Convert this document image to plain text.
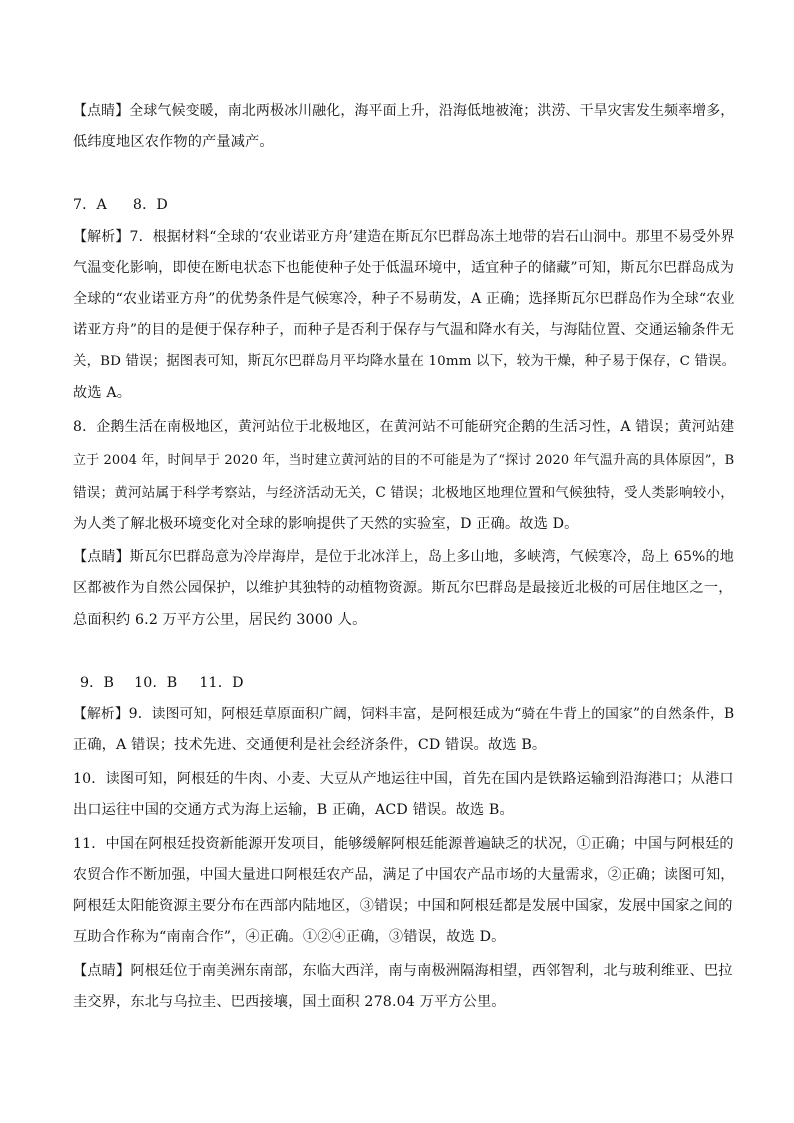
【点睛】全球气候变暖，南北两极冰川融化，海平面上升，沿海低地被淹；洪涝、干旱灾害发生频率增多，
低纬度地区农作物的产量减产。
7．A 8．D
【解析】7．根据材料“全球的‘农业诺亚方舟’建造在斯瓦尔巴群岛冻土地带的岩石山洞中。那里不易受外界
气温变化影响，即使在断电状态下也能使种子处于低温环境中，适宜种子的储藏”可知，斯瓦尔巴群岛成为
全球的“农业诺亚方舟”的优势条件是气候寒冷，种子不易萌发，A 正确；选择斯瓦尔巴群岛作为全球“农业
诺亚方舟”的目的是便于保存种子，而种子是否利于保存与气温和降水有关，与海陆位置、交通运输条件无
关，BD 错误；据图表可知，斯瓦尔巴群岛月平均降水量在 10mm 以下，较为干燥，种子易于保存，C 错误。
故选 A。
8．企鹅生活在南极地区，黄河站位于北极地区，在黄河站不可能研究企鹅的生活习性，A 错误；黄河站建
立于 2004 年，时间早于 2020 年，当时建立黄河站的目的不可能是为了“探讨 2020 年气温升高的具体原因”，B
错误；黄河站属于科学考察站，与经济活动无关，C 错误；北极地区地理位置和气候独特，受人类影响较小，
为人类了解北极环境变化对全球的影响提供了天然的实验室，D 正确。故选 D。
【点睛】斯瓦尔巴群岛意为冷岸海岸，是位于北冰洋上，岛上多山地，多峡湾，气候寒冷，岛上 65%的地
区都被作为自然公园保护，以维护其独特的动植物资源。斯瓦尔巴群岛是最接近北极的可居住地区之一，
总面积约 6.2 万平方公里，居民约 3000 人。
9．B 10．B 11．D
【解析】9．读图可知，阿根廷草原面积广阔，饲料丰富，是阿根廷成为“骑在牛背上的国家”的自然条件，B
正确，A 错误；技术先进、交通便利是社会经济条件，CD 错误。故选 B。
10．读图可知，阿根廷的牛肉、小麦、大豆从产地运往中国，首先在国内是铁路运输到沿海港口；从港口
出口运往中国的交通方式为海上运输，B 正确，ACD 错误。故选 B。
11．中国在阿根廷投资新能源开发项目，能够缓解阿根廷能源普遍缺乏的状况，①正确；中国与阿根廷的
农贸合作不断加强，中国大量进口阿根廷农产品，满足了中国农产品市场的大量需求，②正确；读图可知，
阿根廷太阳能资源主要分布在西部内陆地区，③错误；中国和阿根廷都是发展中国家，发展中国家之间的
互助合作称为“南南合作”，④正确。①②④正确，③错误，故选 D。
【点睛】阿根廷位于南美洲东南部，东临大西洋，南与南极洲隔海相望，西邻智利，北与玻利维亚、巴拉
圭交界，东北与乌拉圭、巴西接壤，国土面积 278.04 万平方公里。
